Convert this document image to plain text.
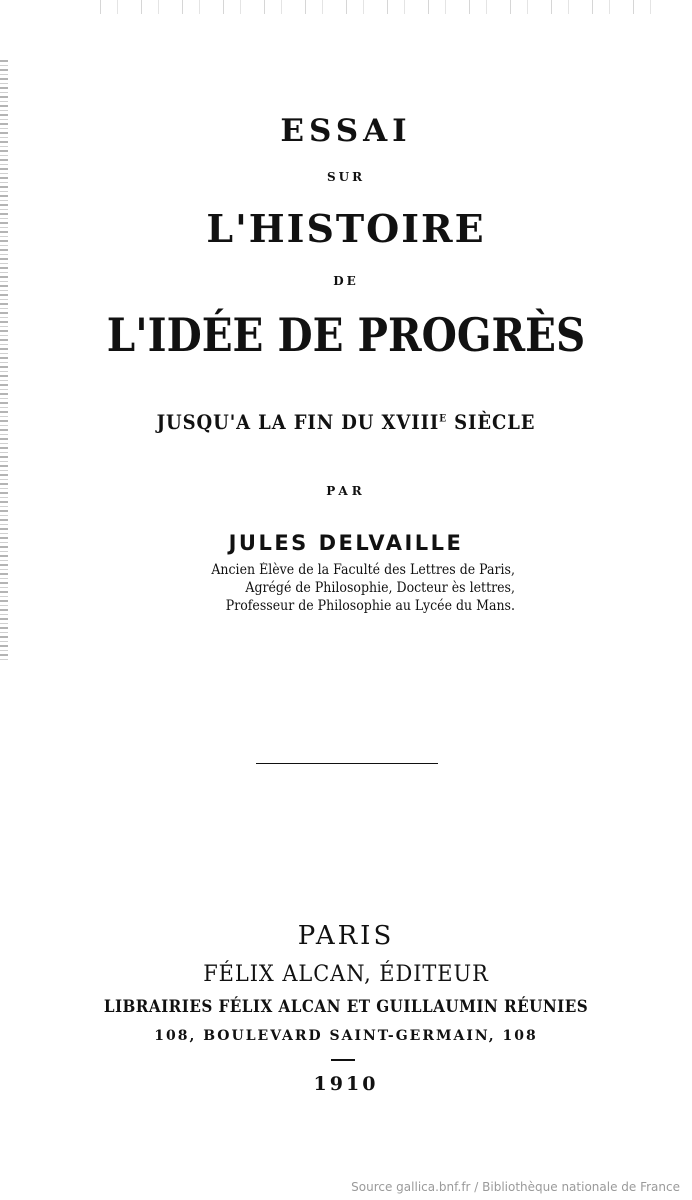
ESSAI
SUR
L'HISTOIRE
DE
L'IDÉE DE PROGRÈS
JUSQU'A LA FIN DU $XVIII^E$ SIÈCLE
PAR
JULES DELVAILLE
Ancien Élève de la Faculté des Lettres de Paris,
Agrégé de Philosophie, Docteur ès lettres,
Professeur de Philosophie au Lycée du Mans.
PARIS
FÉLIX ALCAN, ÉDITEUR
LIBRAIRIES FÉLIX ALCAN ET GUILLAUMIN RÉUNIES
108, BOULEVARD SAINT-GERMAIN, 108
1910
Source gallica.bnf.fr / Bibliothèque nationale de France
